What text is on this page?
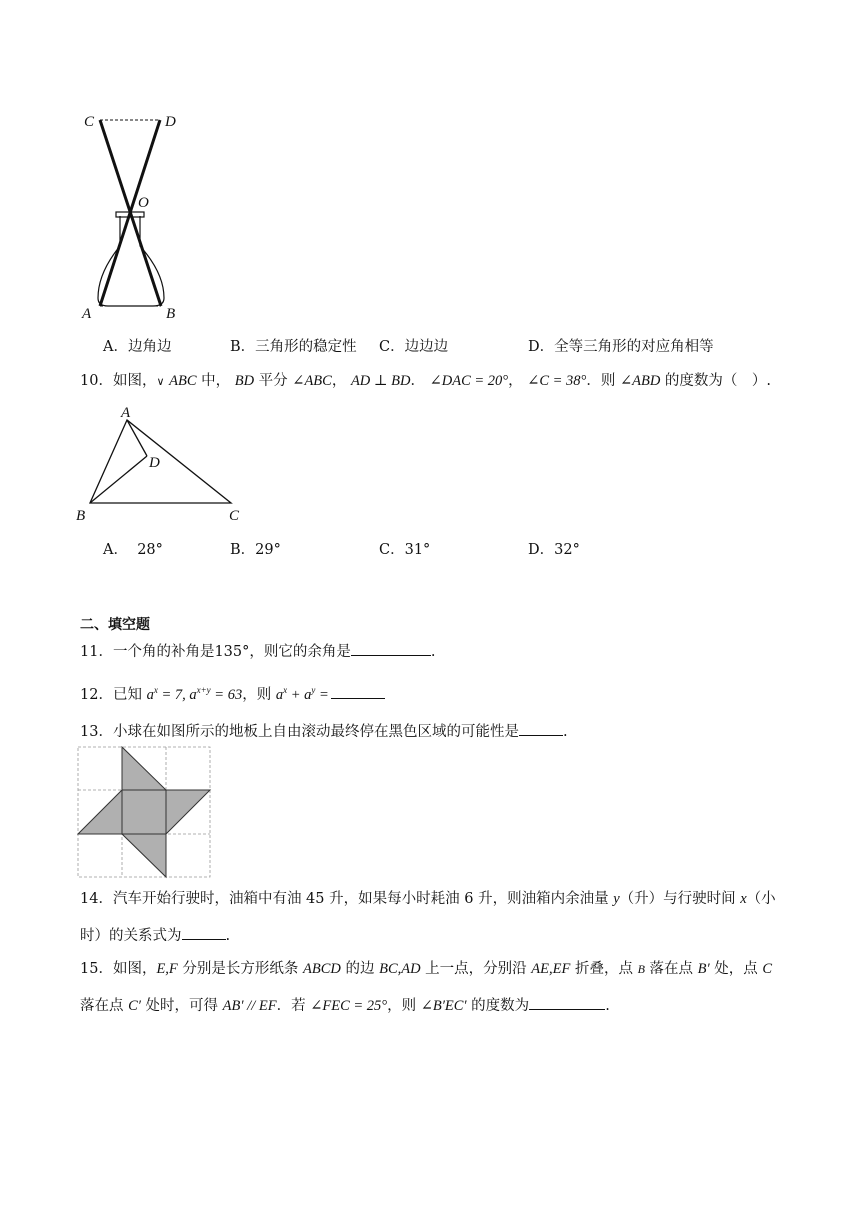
C	D
O
A	B
A．边角边	B．三角形的稳定性 C．边边边	D．全等三角形的对应角相等
10．如图，∨ ABC 中， BD 平分 ∠ABC， AD ⊥ BD． ∠DAC = 20°， ∠C = 38°．则 ∠ABD 的度数为（　）.
A
D
B	C
A． 28°	B．29°	C．31°	D．32°
二、填空题
11．一个角的补角是135°，则它的余角是	.
12．已知 $a^x = 7$, $a^{x+y} = 63$，则 $a^x + a^y$ =
13．小球在如图所示的地板上自由滚动最终停在黑色区域的可能性是	.
14．汽车开始行驶时，油箱中有油 45 升，如果每小时耗油 6 升，则油箱内余油量 y（升）与行驶时间 x（小
时）的关系式为	.
15．如图，E,F 分别是长方形纸条 ABCD 的边 BC,AD 上一点，分别沿 AE,EF 折叠，点 B 落在点 B′ 处，点 C
落在点 C′ 处时，可得 AB′ // EF．若 ∠FEC = 25°，则 ∠B′EC′ 的度数为	.
